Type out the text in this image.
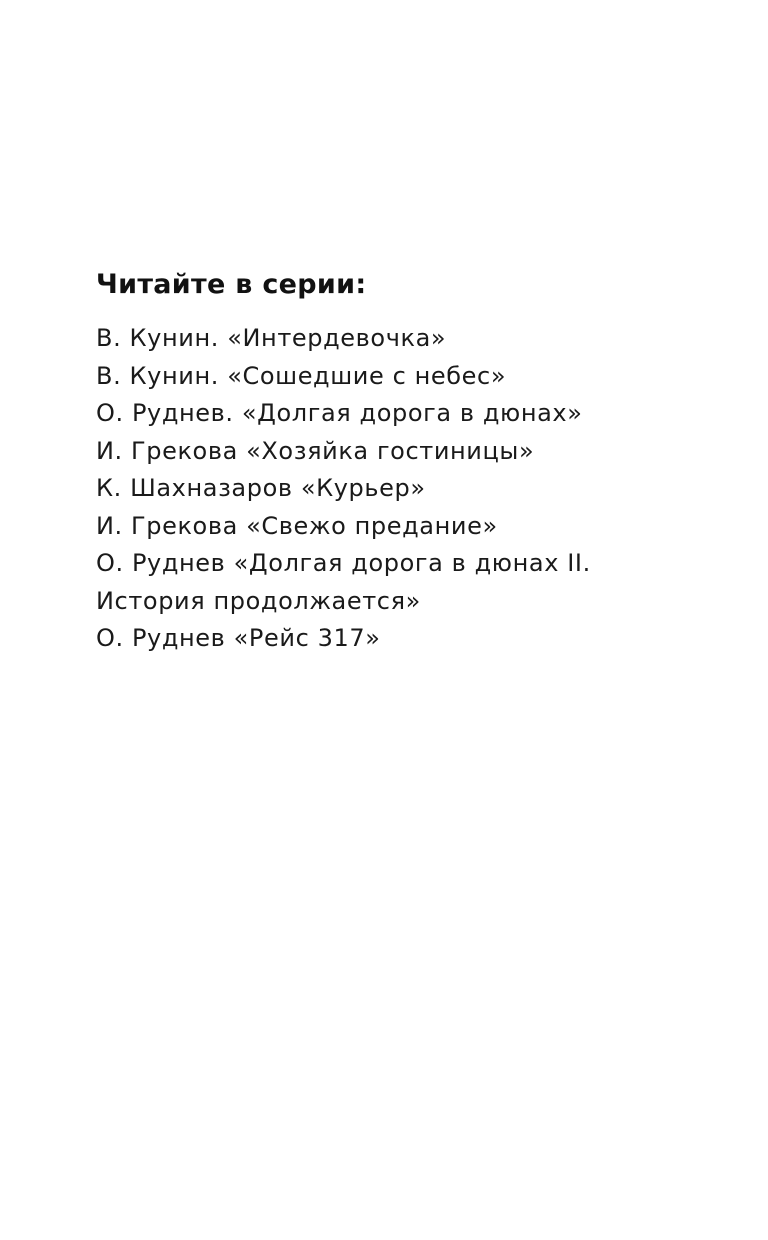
Читайте в серии:
В. Кунин. «Интердевочка»
В. Кунин. «Сошедшие с небес»
О. Руднев. «Долгая дорога в дюнах»
И. Грекова «Хозяйка гостиницы»
К. Шахназаров «Курьер»
И. Грекова «Свежо предание»
О. Руднев «Долгая дорога в дюнах II.
История продолжается»
О. Руднев «Рейс 317»
